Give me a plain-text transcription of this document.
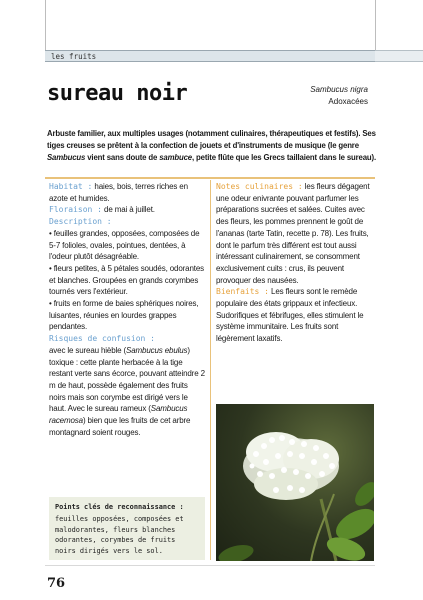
les fruits
sureau noir	Sambucus nigra
Adoxacées

Arbuste familier, aux multiples usages (notamment culinaires, thérapeutiques et festifs). Ses tiges creuses se prêtent à la confection de jouets et d'instruments de musique (le genre Sambucus vient sans doute de sambuce, petite flûte que les Grecs taillaient dans le sureau).

Habitat : haies, bois, terres riches en azote et humides.

Floraison : de mai à juillet.

Description :

• feuilles grandes, opposées, composées de 5-7 folioles, ovales, pointues, dentées, à l'odeur plutôt désagréable.

• fleurs petites, à 5 pétales soudés, odorantes et blanches. Groupées en grands corymbes tournés vers l'extérieur.

• fruits en forme de baies sphériques noires, luisantes, réunies en lourdes grappes pendantes.

Risques de confusion :

avec le sureau hièble (Sambucus ebulus) toxique : cette plante herbacée à la tige restant verte sans écorce, pouvant atteindre 2 m de haut, possède également des fruits noirs mais son corymbe est dirigé vers le haut. Avec le sureau rameux (Sambucus racemosa) bien que les fruits de cet arbre montagnard soient rouges.

Points clés de reconnaissance :
feuilles opposées, composées et malodorantes, fleurs blanches odorantes, corymbes de fruits noirs dirigés vers le sol.

Notes culinaires : les fleurs dégagent une odeur enivrante pouvant parfumer les préparations sucrées et salées. Cuites avec des fleurs, les pommes prennent le goût de l'ananas (tarte Tatin, recette p. 78). Les fruits, dont le parfum très différent est tout aussi intéressant culinairement, se consomment exclusivement cuits : crus, ils peuvent provoquer des nausées.

Bienfaits : Les fleurs sont le remède populaire des états grippaux et infectieux. Sudorifiques et fébrifuges, elles stimulent le système immunitaire. Les fruits sont légèrement laxatifs.

76
